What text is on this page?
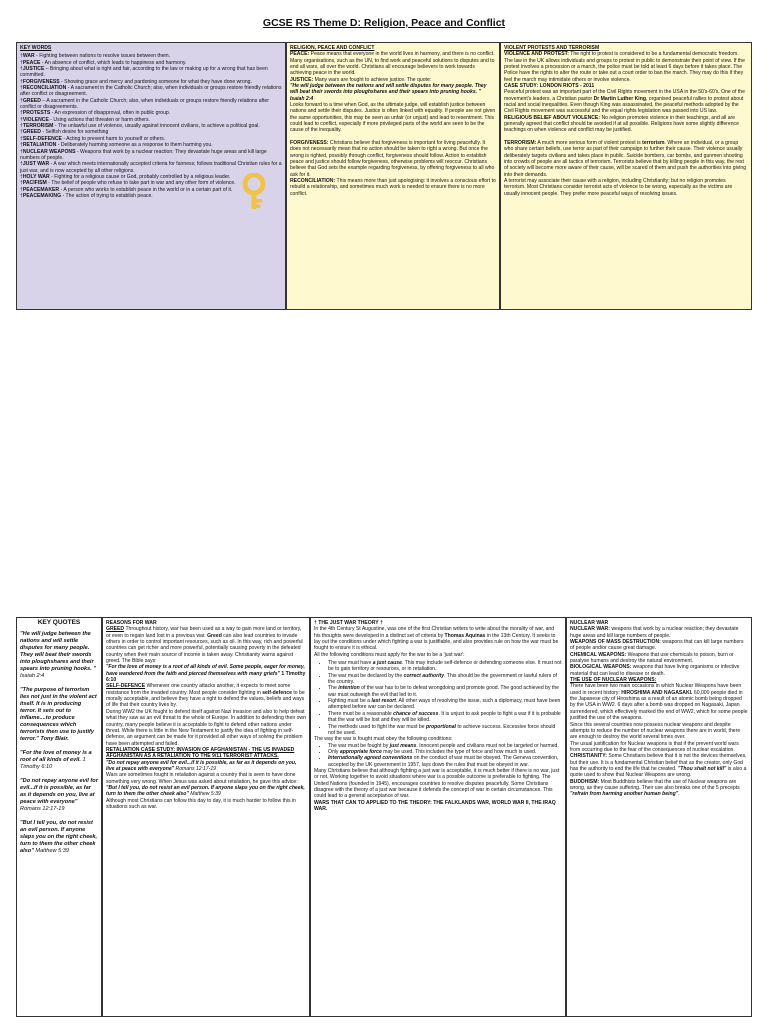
GCSE RS Theme D: Religion, Peace and Conflict
KEY WORDS
†WAR - Fighting between nations to resolve issues between them.
†PEACE - An absence of conflict, which leads to happiness and harmony.
†JUSTICE – Bringing about what is right and fair, according to the law or making up for a wrong that has been committed.
†FORGIVENESS - Showing grace and mercy and pardoning someone for what they have done wrong.
†RECONCILIATION - A sacrament in the Catholic Church; also, when individuals or groups restore friendly relations after conflict or disagreement.
†GREED – A sacrament in the Catholic Church; also, when individuals or groups restore friendly relations after conflict or disagreements.
†PROTESTS - An expression of disapproval, often in public group.
†VIOLENCE - Using actions that threaten or harm others.
†TERRORISM - The unlawful use of violence, usually against innocent civilians, to achieve a political goal.
†GREED - Selfish desire for something
†SELF-DEFENCE - Acting to prevent harm to yourself or others.
†RETALIATION - Deliberately harming someone as a response to them harming you.
†NUCLEAR WEAPONS - Weapons that work by a nuclear reaction: They devastate huge areas and kill large numbers of people.
†JUST WAR - A war which meets internationally accepted criteria for fairness; follows traditional Christian rules for a just war, and is now accepted by all other religions.
†HOLY WAR - Fighting for a religious cause or God, probably controlled by a religious leader.
†PACIFISM - The belief of people who refuse to take part in war and any other form of violence.
†PEACEMAKER - A person who works to establish peace in the world or in a certain part of it.
†PEACEMAKING - The action of trying to establish peace.
RELIGION, PEACE AND CONFLICT

PEACE: Peace means that everyone in the world lives in harmony, and there is no conflict. Many organisations, such as the UN, to find work and peaceful solutions to disputes and to end all wars, all over the world. Christians all encourage believers to work towards achieving peace in the world.
JUSTICE: Many wars are fought to achieve justice. The quote:
"He will judge between the nations and will settle disputes for many people. They will beat their swords into ploughshares and their spears into pruning hooks. " Isaiah 2:4
Looks forward to a time when God, as the ultimate judge, will establish justice between nations and settle their disputes. Justice is often linked with equality. If people are not given the same opportunities, this may be seen as unfair (or unjust) and lead to resentment. This could lead to conflict, especially if more privileged parts of the world are seen to be the cause of the inequality.

FORGIVENESS: Christians believe that forgiveness is important for living peacefully. It does not necessarily mean that no action should be taken to right a wrong. But once the wrong is righted, possibly through conflict, forgiveness should follow. Action to establish peace and justice should follow forgiveness, otherwise problems will reoccur. Christians believe that God sets the example regarding forgiveness, by offering forgiveness to all who ask for it.
RECONCILIATION: This means more than just apologising: it involves a conscious effort to rebuild a relationship, and sometimes much work is needed to ensure there is no more conflict.

VIOLENT PROTESTS AND TERRORISM

VIOLENCE AND PROTEST: The right to protest is considered to be a fundamental democratic freedom. The law in the UK allows individuals and groups to protest in public to demonstrate their point of view. If the protest involves a procession or a march, the police must be told at least 6 days before it takes place. The Police have the rights to alter the route or take out a court order to ban the march. They may do this if they feel the march may intimidate others or involve violence.
CASE STUDY: LONDON RIOTS - 2011
Peaceful protest was an important part of the Civil Rights movement in the USA in the 50's-60's. One of the movement's leaders, a Christian pastor Dr Martin Luther King, organised peaceful rallies to protest about racial and social inequalities. Even though King was assassinated, the peaceful methods adopted by the Civil Rights movement was successful and the equal rights legislation was passed into US law.
RELIGIOUS BELIEF ABOUT VIOLENCE: No religion promotes violence in their teachings, and all are generally agreed that conflict should be avoided if at all possible. Religions have some slightly difference teachings on when violence and conflict may be justified.

TERRORISM: A much more serious form of violent protest is terrorism. Where an individual, or a group who share certain beliefs, use terror as part of their campaign to further their cause. Their violence usually deliberately targets civilians and takes place in public. Suicide bombers, car bombs, and gunmen shooting into crowds of people are all tactics of terrorism. Terrorists believe that by killing people in this way, the rest of society will become more aware of their cause, will be scared of them and push the authorities into giving into their demands.
A terrorist may associate their cause with a religion, including Christianity; but no religion promotes terrorism. Most Christians consider terrorist acts of violence to be wrong, especially as the victims are usually innocent people. They prefer more peaceful ways of resolving issues.

KEY QUOTES

"He will judge between the nations and will settle disputes for many people. They will beat their swords into ploughshares and their spears into pruning hooks. " Isaiah 2:4

"The purpose of terrorism lies not just in the violent act itself. It is in producing terror. It sets out to inflame....to produce consequences which terrorists then use to justify terror." Tony Blair.

"For the love of money is a root of all kinds of evil. 1 Timothy 6:10

"Do not repay anyone evil for evil...if it is possible, as far as it depends on you, live at peace with everyone" Romans 12:17-19

"But I tell you, do not resist an evil person. If anyone slaps you on the right cheek, turn to them the other cheek also" Matthew 5:39

REASONS FOR WAR

GREED Throughout history, war has been used as a way to gain more land or territory, or even to regain land lost in a previous war. Greed can also lead countries to invade others in order to control important resources, such as oil. In this way, rich and powerful countries can get richer and more powerful, potentially causing poverty in the defeated country when their main source of income is taken away. Christianity warns against greed. The Bible says:
"For the love of money is a root of all kinds of evil. Some people, eager for money, have wandered from the faith and pierced themselves with many griefs" 1 Timothy 6:10
SELF-DEFENCE Whenever one country attacks another, it expects to meet some resistance from the invaded country. Most people consider fighting in self-defence to be morally acceptable, and believe they have a right to defend the values, beliefs and ways of life that their country lives by.
During WW2 the UK fought to defend itself against Nazi invasion and also to help defeat what they saw as an evil threat to the whole of Europe. In addition to defending their own country, many people believe it is acceptable to fight to defend other nations under threat. While there is little in the New Testament to justify the idea of fighting in self-defence, an argument can be made for it provided all other ways of solving the problem have been attempted and failed.
RETALIATION CASE STUDY: INVASION OF AFGHANISTAN - THE US INVADED AFGHANISTAN AS A RETALIATION TO THE 9/11 TERRORIST ATTACKS.
"Do not repay anyone evil for evil...if it is possible, as far as it depends on you, live at peace with everyone" Romans 12:17-19
Wars are sometimes fought in retaliation against a country that is seen to have done something very wrong. When Jesus was asked about retaliation, he gave this advice:
"But I tell you, do not resist an evil person. If anyone slaps you on the right cheek, turn to them the other cheek also" Matthew 5:39
Although most Christians can follow this day to day, it is much harder to follow this in situations such as war.

† THE JUST WAR THEORY †

In the 4th Century St Augustine, was one of the first Christian writers to write about the morality of war, and his thoughts were developed in a distinct set of criteria by Thomas Aquinas in the 13th Century. It seeks to lay out the conditions under which fighting a war is justifiable, and also provides rule on how the war must be fought to ensure it is ethical.
All the following conditions must apply for the war to be a 'just war':

• The war must have a just cause. This may include self-defence or defending someone else. It must not be to gain territory or resources, or in retaliation.
• The war must be declared by the correct authority. This should be the government or lawful rulers of the country.
• The intention of the war has to be to defeat wrongdoing and promote good. The good achieved by the war must outweigh the evil that led to it.
• Fighting must be a last resort. All other ways of resolving the issue, such a diplomacy, must have been attempted before war can be declared.
• There must be a reasonable chance of success. It is unjust to ask people to fight a war if it is probable that the war will be lost and they will be killed.
• The methods used to fight the war must be proportional to achieve success. Excessive force should not be used.

The way the war is fought must obey the following conditions:

• The war must be fought by just means. Innocent people and civilians must not be targeted or harmed.
• Only appropriate force may be used. This includes the type of force and how much is used.
• Internationally agreed conventions on the conduct of war must be obeyed. The Geneva convention, accepted by the UK government in 1957, lays down the rules that must be obeyed in war.

Many Christians believe that although fighting a just war is acceptable, it is much better if there is no war, just or not. Working together to avoid situations where war is a possible outcome is preferable to fighting. The United Nations (founded in 1945), encourages countries to resolve disputes peacefully. Some Christians disagree with the theory of a just war because it defends the concept of war in certain circumstances. This could lead to a general acceptance of war.
WARS THAT CAN TO APPLIED TO THE THEORY: THE FALKLANDS WAR, WORLD WAR II, THE IRAQ WAR.

NUCLEAR WAR

NUCLEAR WAR: weapons that work by a nuclear reaction; they devastate huge areas and kill large numbers of people.
WEAPONS OF MASS DESTRUCTION: weapons that can kill large numbers of people and/or cause great damage.
CHEMICAL WEAPONS: Weapons that use chemicals to poison, burn or paralyse humans and destroy the natural environment.
BIOLOGICAL WEAPONS: weapons that have living organisms or infective material that can lead to disease or death.
THE USE OF NUCLEAR WEAPONS:
There have been two main occasions in which Nuclear Weapons have been used in recent history: HIROSHIMA AND NAGASAKI. 60,000 people died in the Japanese city of Hiroshima as a result of an atomic bomb being dropped by the USA in WW2. 6 days after a bomb was dropped on Nagasaki, Japan surrendered, which effectively marked the end of WW2, which for some people justified the use of the weapons.
Since this several countries now possess nuclear weapons and despite attempts to reduce the number of nuclear weapons there are in world, there are enough to destroy the world several times over.
The usual justification for Nuclear weapons is that if the prevent world wars from occurring due to the fear of the consequences of nuclear escalation.
CHRISTIANITY: Some Christians believe that it is not the devices themselves, but their use. It is a fundamental Christian belief that as the creator, only God has the authority to end the life that he created. "Thou shalt not kill" is also a quote used to show that Nuclear Weapons are wrong.
BUDDHISM: Most Buddhists believe that the use of Nuclear weapons are wrong, as they cause suffering. Their use also breaks one of the 5 precepts "refrain from harming another human being".
